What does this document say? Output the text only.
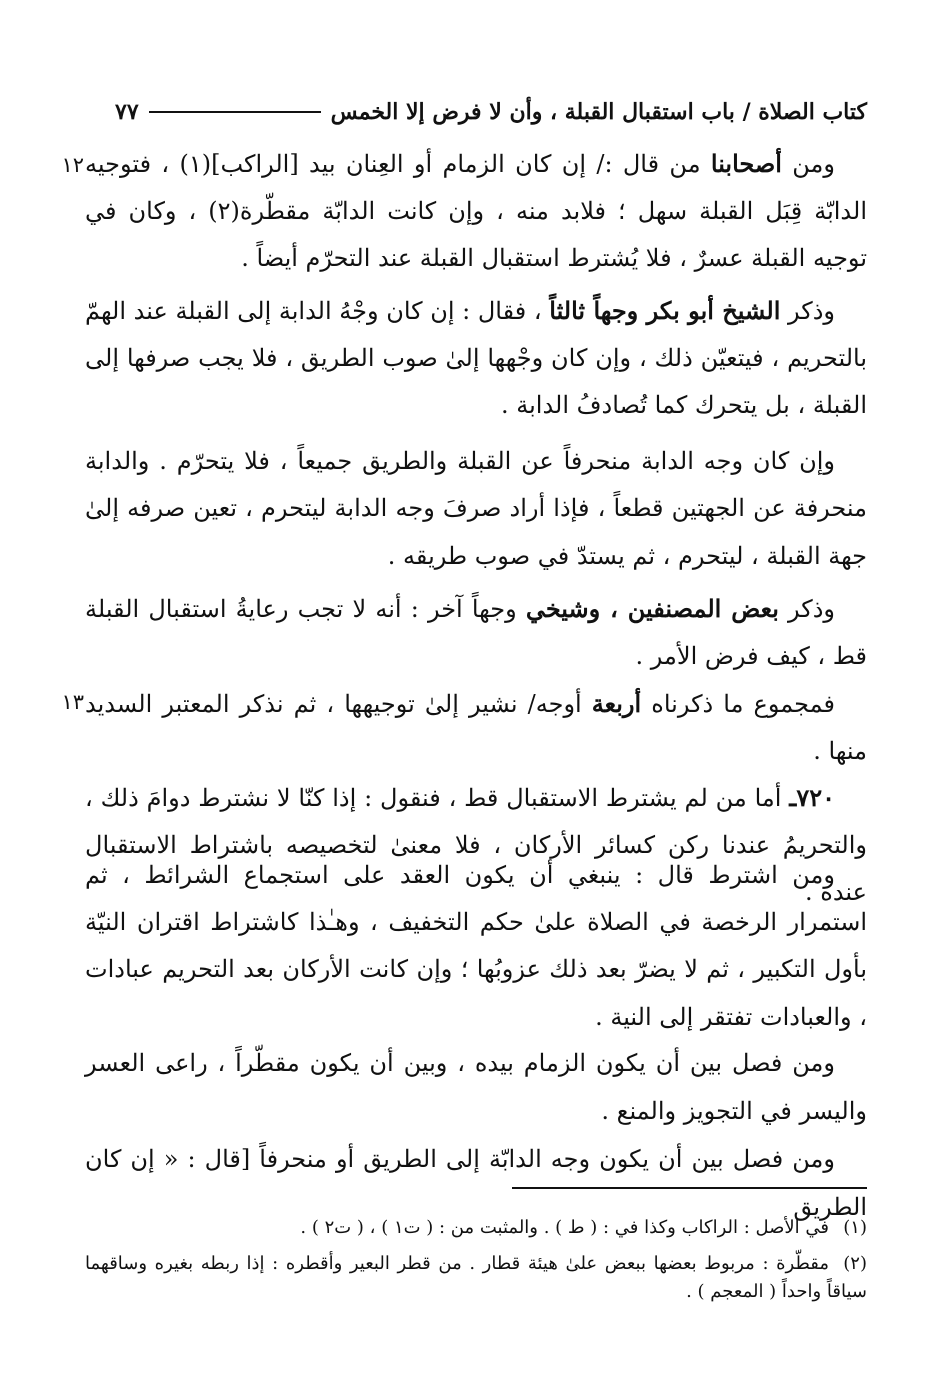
كتاب الصلاة / باب استقبال القبلة ، وأن لا فرض إلا الخمس
٧٧
١٢
١٣

ومن أصحابنا من قال :/ إن كان الزمام أو العِنان بيد [الراكب](١) ، فتوجيه الدابّة قِبَل القبلة سهل ؛ فلابد منه ، وإن كانت الدابّة مقطّرة(٢) ، وكان في توجيه القبلة عسرٌ ، فلا يُشترط استقبال القبلة عند التحرّم أيضاً .

وذكر الشيخ أبو بكر وجهاً ثالثاً ، فقال : إن كان وجْهُ الدابة إلى القبلة عند الهمّ بالتحريم ، فيتعيّن ذلك ، وإن كان وجْهها إلىٰ صوب الطريق ، فلا يجب صرفها إلى القبلة ، بل يتحرك كما تُصادفُ الدابة .

وإن كان وجه الدابة منحرفاً عن القبلة والطريق جميعاً ، فلا يتحرّم . والدابة منحرفة عن الجهتين قطعاً ، فإذا أراد صرفَ وجه الدابة ليتحرم ، تعين صرفه إلىٰ جهة القبلة ، ليتحرم ، ثم يستدّ في صوب طريقه .

وذكر بعض المصنفين ، وشيخي وجهاً آخر : أنه لا تجب رعايةُ استقبال القبلة قط ، كيف فرض الأمر .

فمجموع ما ذكرناه أربعة أوجه/ نشير إلىٰ توجيهها ، ثم نذكر المعتبر السديد منها .

٧٢٠ـ أما من لم يشترط الاستقبال قط ، فنقول : إذا كنّا لا نشترط دوامَ ذلك ، والتحريمُ عندنا ركن كسائر الأركان ، فلا معنىٰ لتخصيصه باشتراط الاستقبال عنده .

ومن اشترط قال : ينبغي أن يكون العقد على استجماع الشرائط ، ثم استمرار الرخصة في الصلاة علىٰ حكم التخفيف ، وهـٰذا كاشتراط اقتران النيّة بأول التكبير ، ثم لا يضرّ بعد ذلك عزوبُها ؛ وإن كانت الأركان بعد التحريم عبادات ، والعبادات تفتقر إلى النية .

ومن فصل بين أن يكون الزمام بيده ، وبين أن يكون مقطّراً ، راعى العسر واليسر في التجويز والمنع .

ومن فصل بين أن يكون وجه الدابّة إلى الطريق أو منحرفاً [قال : « إن كان الطريق

(١)في الأصل : الراكاب وكذا في : ( ط ) . والمثبت من : ( ت١ ) ، ( ت٢ ) .

(٢)مقطّرة : مربوط بعضها ببعض علىٰ هيئة قطار . من قطر البعير وأقطره : إذا ربطه بغيره وساقهما سياقاً واحداً ( المعجم ) .
